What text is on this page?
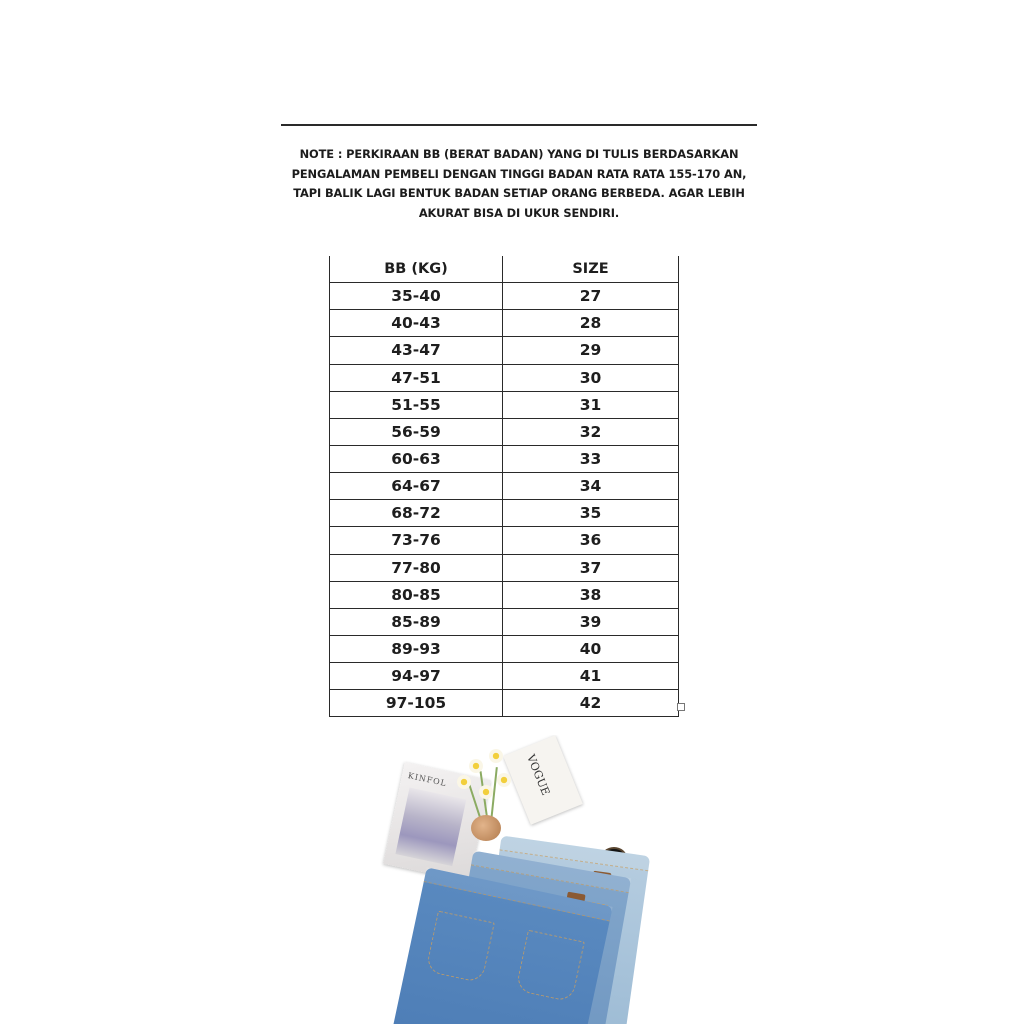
NOTE : PERKIRAAN BB (BERAT BADAN) YANG DI TULIS BERDASARKAN
PENGALAMAN PEMBELI DENGAN TINGGI BADAN RATA RATA 155-170 AN,
TAPI BALIK LAGI BENTUK BADAN SETIAP ORANG BERBEDA. AGAR LEBIH
AKURAT BISA DI UKUR SENDIRI.
BB (KG)	SIZE
35-40	27
40-43	28
43-47	29
47-51	30
51-55	31
56-59	32
60-63	33
64-67	34
68-72	35
73-76	36
77-80	37
80-85	38
85-89	39
89-93	40
94-97	41
97-105	42
KINFOL	VOGUE
